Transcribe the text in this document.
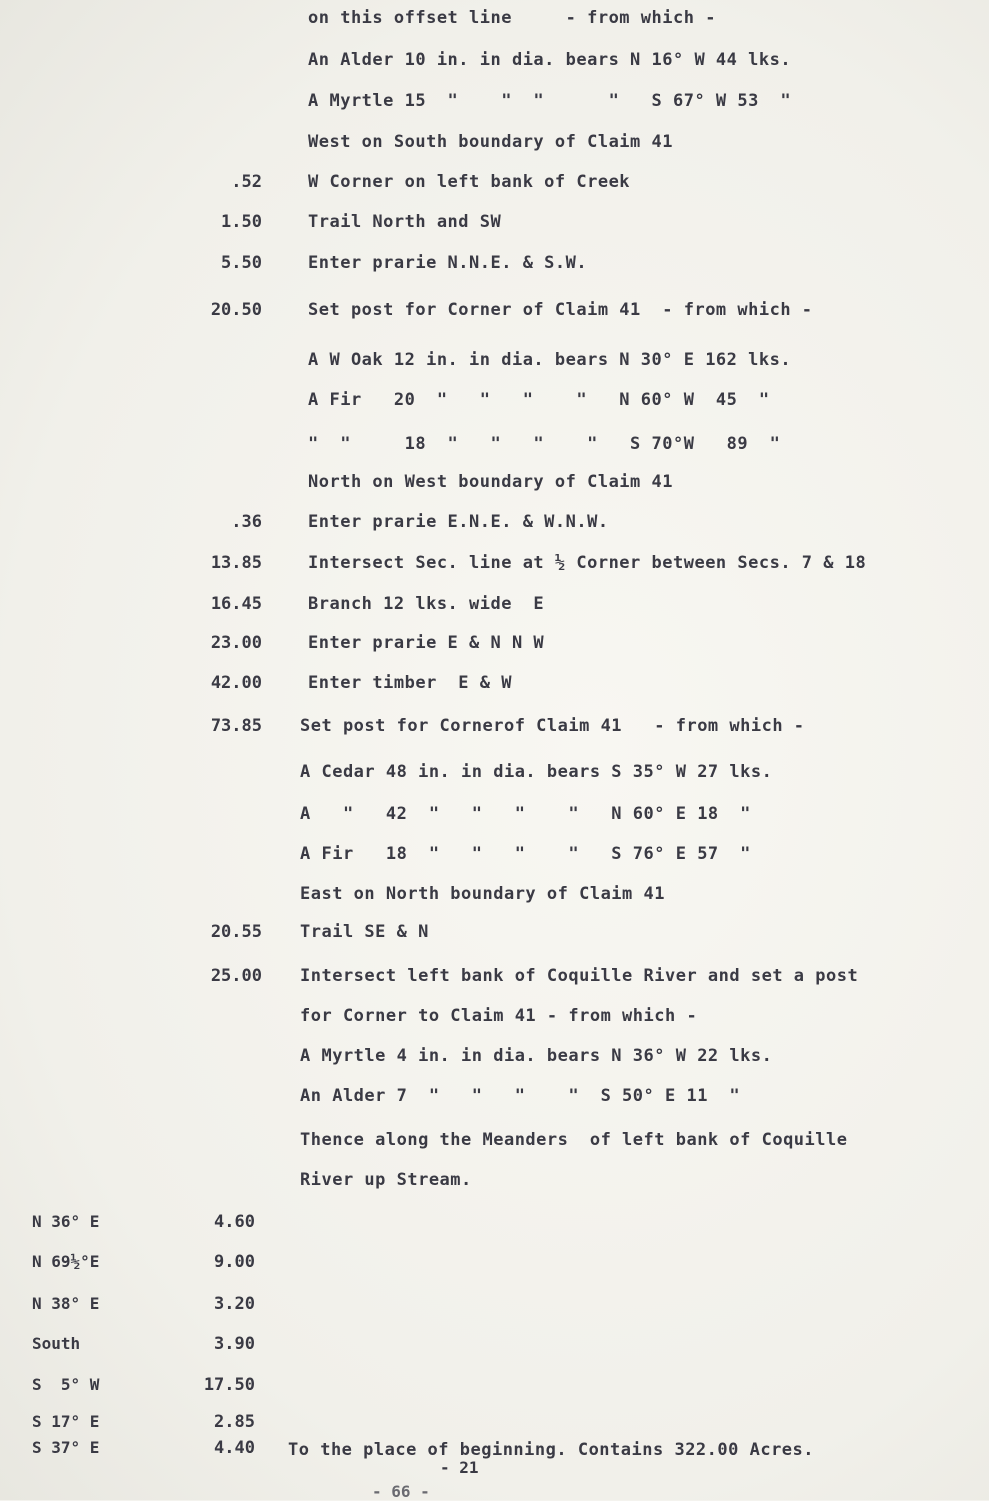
on this offset line     - from which -
An Alder 10 in. in dia. bears N 16° W 44 lks.
A Myrtle 15  "    "  "      "   S 67° W 53  "
West on South boundary of Claim 41
.52	W Corner on left bank of Creek
1.50	Trail North and SW
5.50	Enter prarie N.N.E. & S.W.
20.50	Set post for Corner of Claim 41  - from which -
A W Oak 12 in. in dia. bears N 30° E 162 lks.
A Fir   20  "   "   "    "   N 60° W  45  "
"  "     18  "   "   "    "   S 70°W   89  "
North on West boundary of Claim 41
.36	Enter prarie E.N.E. & W.N.W.
13.85	Intersect Sec. line at ½ Corner between Secs. 7 & 18
16.45	Branch 12 lks. wide  E
23.00	Enter prarie E & N N W
42.00	Enter timber  E & W
73.85 Set post for Cornerof Claim 41   - from which -
A Cedar 48 in. in dia. bears S 35° W 27 lks.
A   "   42  "   "   "    "   N 60° E 18  "
A Fir   18  "   "   "    "   S 76° E 57  "
East on North boundary of Claim 41
20.55 Trail SE & N
25.00 Intersect left bank of Coquille River and set a post
for Corner to Claim 41 - from which -
A Myrtle 4 in. in dia. bears N 36° W 22 lks.
An Alder 7  "   "   "    "  S 50° E 11  "
Thence along the Meanders  of left bank of Coquille
River up Stream.
N 36° E	4.60
N 69½°E	9.00
N 38° E	3.20
South	3.90
S  5° W	17.50
S 17° E	2.85
S 37° E	4.40 To the place of beginning. Contains 322.00 Acres.
- 21
- 66 -
